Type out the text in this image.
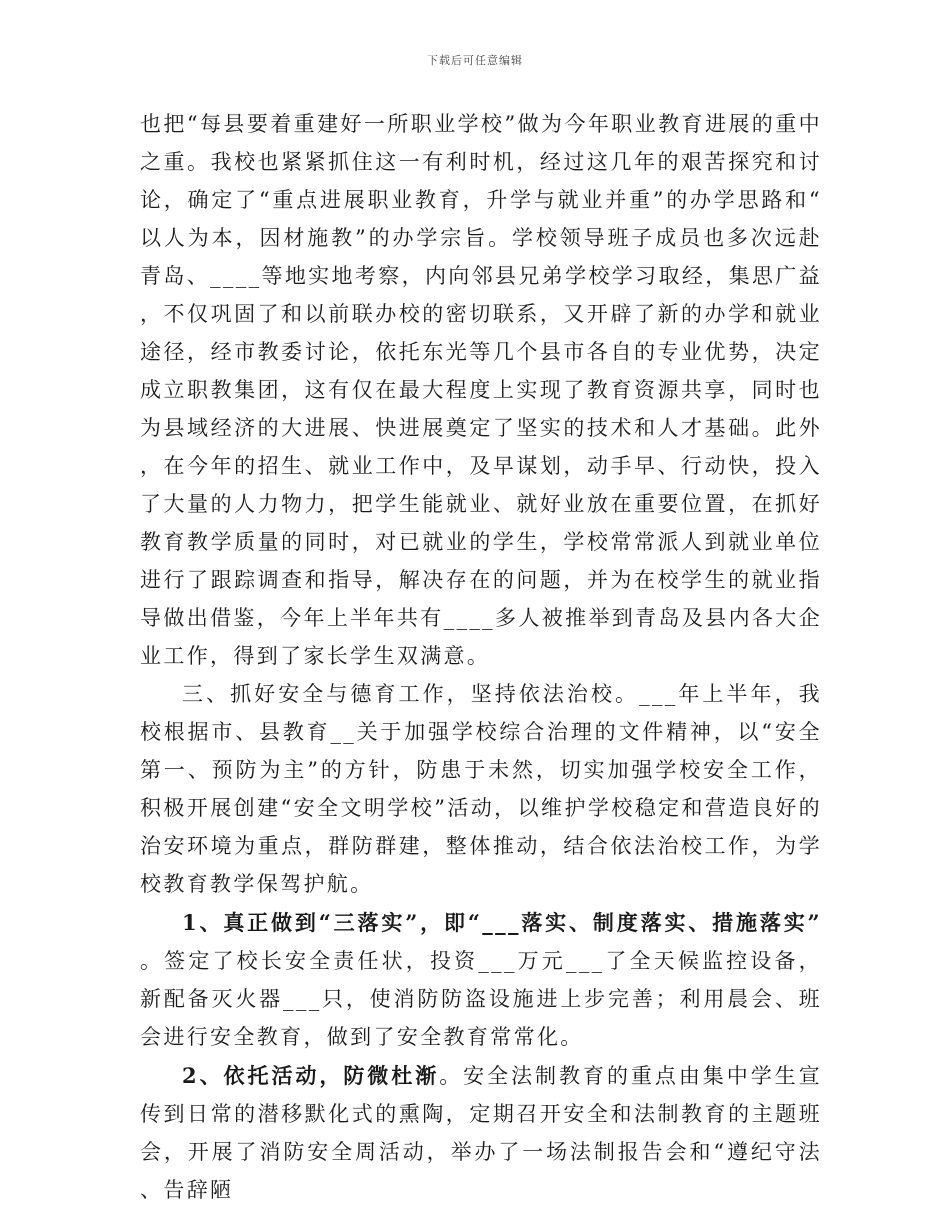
下载后可任意编辑

也把“每县要着重建好一所职业学校”做为今年职业教育进展的重中之重。我校也紧紧抓住这一有利时机，经过这几年的艰苦探究和讨论，确定了“重点进展职业教育，升学与就业并重”的办学思路和“以人为本，因材施教”的办学宗旨。学校领导班子成员也多次远赴青岛、____等地实地考察，内向邻县兄弟学校学习取经，集思广益，不仅巩固了和以前联办校的密切联系，又开辟了新的办学和就业途径，经市教委讨论，依托东光等几个县市各自的专业优势，决定成立职教集团，这有仅在最大程度上实现了教育资源共享，同时也为县域经济的大进展、快进展奠定了坚实的技术和人才基础。此外，在今年的招生、就业工作中，及早谋划，动手早、行动快，投入了大量的人力物力，把学生能就业、就好业放在重要位置，在抓好教育教学质量的同时，对已就业的学生，学校常常派人到就业单位进行了跟踪调查和指导，解决存在的问题，并为在校学生的就业指导做出借鉴，今年上半年共有____多人被推举到青岛及县内各大企业工作，得到了家长学生双满意。

三、抓好安全与德育工作，坚持依法治校。___年上半年，我校根据市、县教育__关于加强学校综合治理的文件精神，以“安全第一、预防为主”的方针，防患于未然，切实加强学校安全工作，积极开展创建“安全文明学校”活动，以维护学校稳定和营造良好的治安环境为重点，群防群建，整体推动，结合依法治校工作，为学校教育教学保驾护航。

1、真正做到“三落实”，即“___落实、制度落实、措施落实”。签定了校长安全责任状，投资___万元___了全天候监控设备，新配备灭火器___只，使消防防盗设施进上步完善；利用晨会、班会进行安全教育，做到了安全教育常常化。

2、依托活动，防微杜渐。安全法制教育的重点由集中学生宣传到日常的潜移默化式的熏陶，定期召开安全和法制教育的主题班会，开展了消防安全周活动，举办了一场法制报告会和“遵纪守法、告辞陋
